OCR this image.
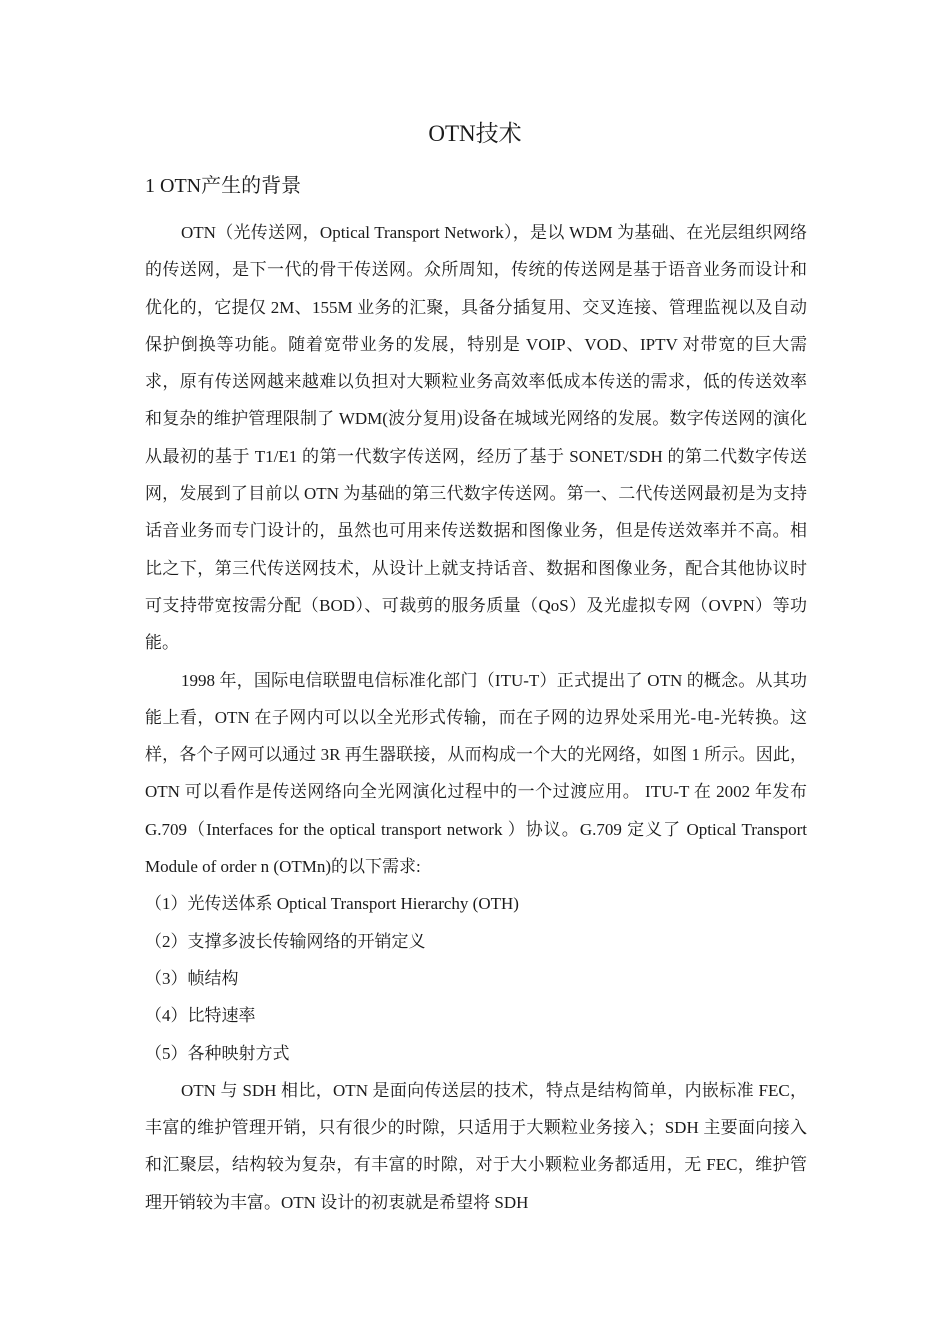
OTN技术
1 OTN产生的背景

OTN（光传送网，Optical Transport Network），是以 WDM 为基础、在光层组织网络的传送网，是下一代的骨干传送网。众所周知，传统的传送网是基于语音业务而设计和优化的，它提仅 2M、155M 业务的汇聚，具备分插复用、交叉连接、管理监视以及自动保护倒换等功能。随着宽带业务的发展，特别是 VOIP、VOD、IPTV 对带宽的巨大需求，原有传送网越来越难以负担对大颗粒业务高效率低成本传送的需求，低的传送效率和复杂的维护管理限制了 WDM(波分复用)设备在城域光网络的发展。数字传送网的演化从最初的基于 T1/E1 的第一代数字传送网，经历了基于 SONET/SDH 的第二代数字传送网，发展到了目前以 OTN 为基础的第三代数字传送网。第一、二代传送网最初是为支持话音业务而专门设计的，虽然也可用来传送数据和图像业务，但是传送效率并不高。相比之下，第三代传送网技术，从设计上就支持话音、数据和图像业务，配合其他协议时可支持带宽按需分配（BOD）、可裁剪的服务质量（QoS）及光虚拟专网（OVPN）等功能。

1998 年，国际电信联盟电信标准化部门（ITU-T）正式提出了 OTN 的概念。从其功能上看，OTN 在子网内可以以全光形式传输，而在子网的边界处采用光-电-光转换。这样，各个子网可以通过 3R 再生器联接，从而构成一个大的光网络，如图 1 所示。因此，OTN 可以看作是传送网络向全光网演化过程中的一个过渡应用。 ITU-T 在 2002 年发布 G.709（Interfaces for the optical transport network ）协议。G.709 定义了 Optical Transport Module of order n (OTMn)的以下需求:

（1）光传送体系 Optical Transport Hierarchy (OTH)

（2）支撑多波长传输网络的开销定义

（3）帧结构

（4）比特速率

（5）各种映射方式

OTN 与 SDH 相比，OTN 是面向传送层的技术，特点是结构简单，内嵌标准 FEC，丰富的维护管理开销，只有很少的时隙，只适用于大颗粒业务接入；SDH 主要面向接入和汇聚层，结构较为复杂，有丰富的时隙，对于大小颗粒业务都适用，无 FEC，维护管理开销较为丰富。OTN 设计的初衷就是希望将 SDH
